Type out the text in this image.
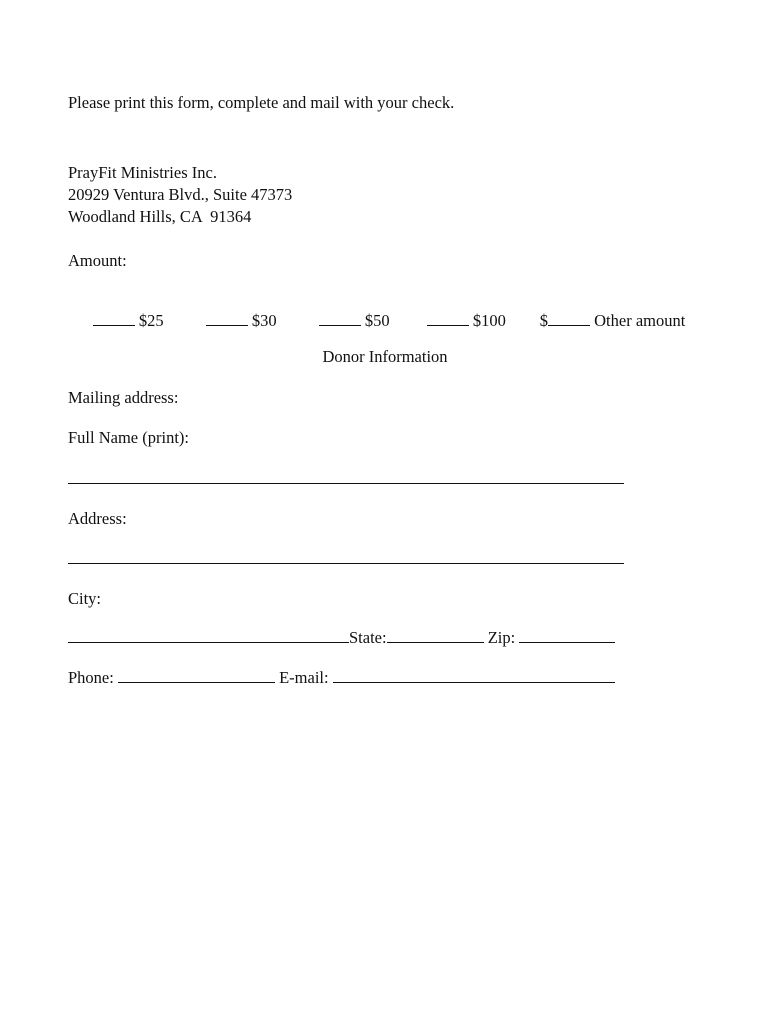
Please print this form, complete and mail with your check.
PrayFit Ministries Inc.
20929 Ventura Blvd., Suite 47373
Woodland Hills, CA  91364
Amount:

$25
	$30
	$50
	$100
	$	Other amount

Donor Information
Mailing address:
Full Name (print):
Address:
City:
State:	Zip:
Phone:	E-mail:
